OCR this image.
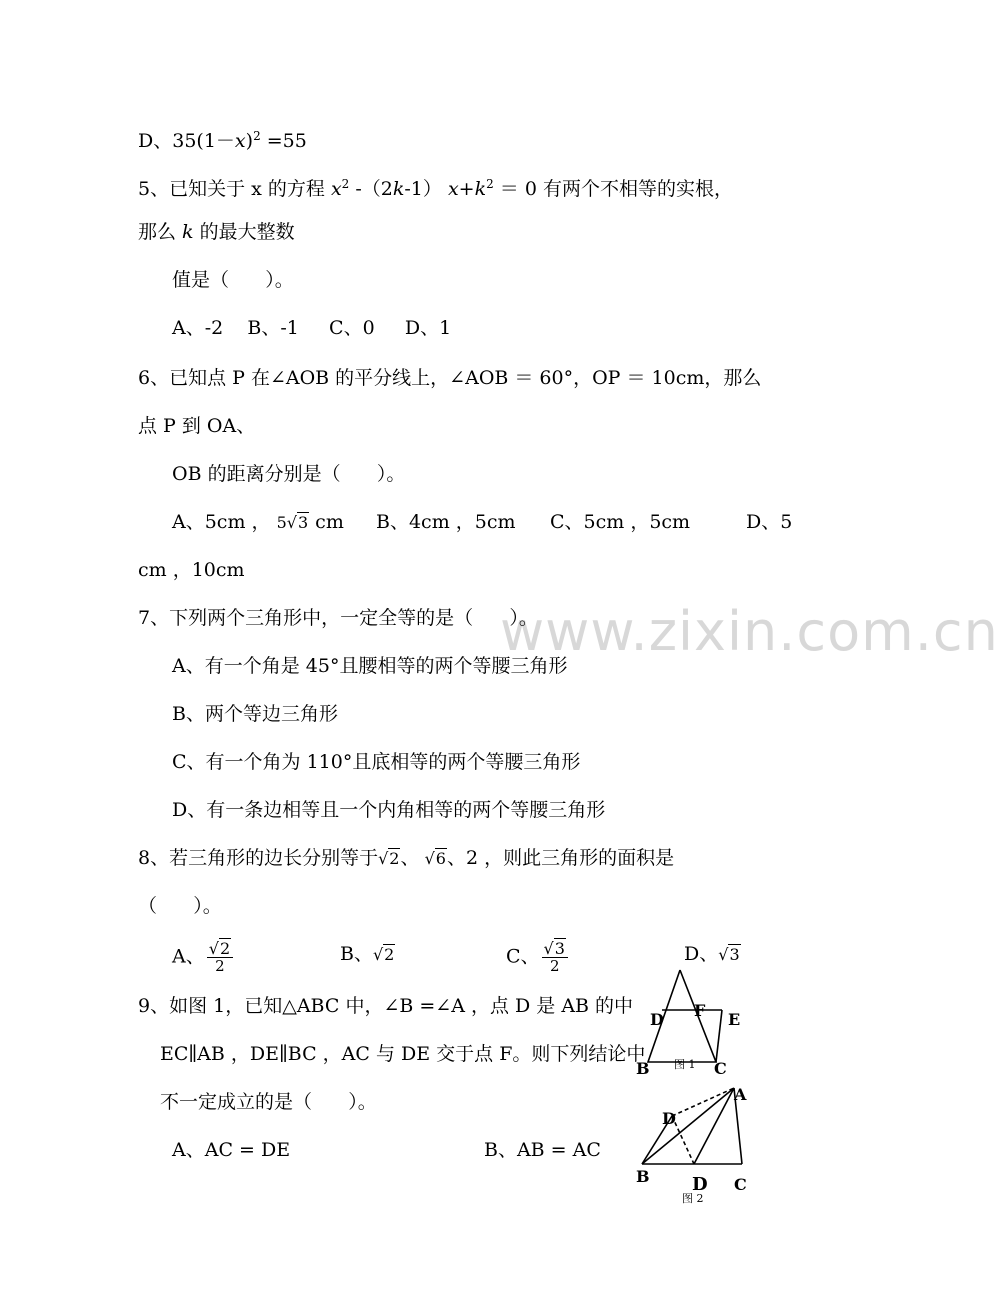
www.zixin.com.cn
D、$35(1-x)^2 =55$
5、已知关于 x 的方程 $x^2$ -（2k-1） $x+k^2 = 0$ 有两个不相等的实根，
那么 k 的最大整数
值是（      ）。
A、-2    B、-1     C、0     D、1
6、已知点 P 在∠AOB 的平分线上，∠AOB ＝ 60°，OP ＝ 10cm，那么
点 P 到 OA、
OB 的距离分别是（      ）。
A、5cm ， 5√3 cm B、4cm ，5cm C、5cm ，5cm	D、5
cm ，10cm
7、下列两个三角形中，一定全等的是（      ）。
A、有一个角是 45°且腰相等的两个等腰三角形
B、两个等边三角形
C、有一个角为 110°且底相等的两个等腰三角形
D、有一条边相等且一个内角相等的两个等腰三角形
8、若三角形的边长分别等于√2、 √6、2 ，则此三角形的面积是
（      ）。
A、 $\frac{√2}{2}$	B、√2	C、 $\frac{√3}{2}$	D、√3
9、如图 1，已知△ABC 中，∠B =∠A ，点 D 是 AB 的中
EC∥AB ，DE∥BC ，AC 与 DE 交于点 F。则下列结论中
不一定成立的是（      ）。
A、AC = DE	B、AB = AC
D F E
B	C
图 1
A
D
B D C
图 2
